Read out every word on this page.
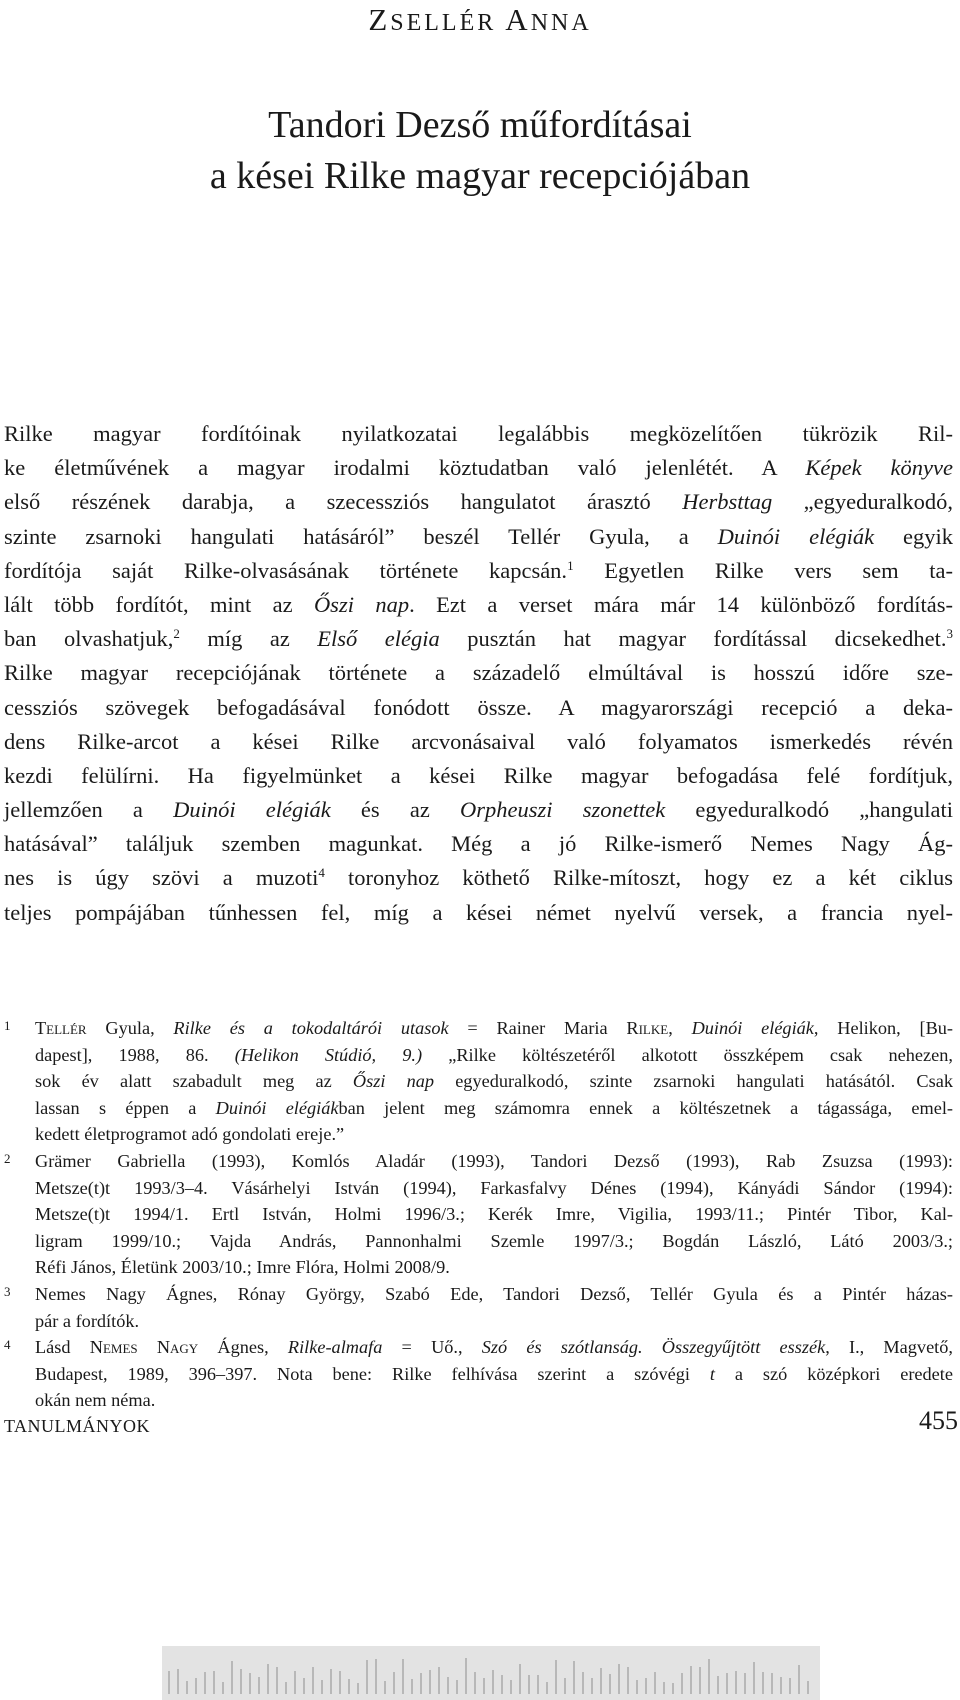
ZSELLÉR ANNA
Tandori Dezső műfordításai
a kései Rilke magyar recepciójában
Rilke magyar fordítóinak nyilatkozatai legalábbis megközelítően tükrözik Ril-
ke életművének a magyar irodalmi köztudatban való jelenlétét. A Képek könyve
első részének darabja, a szecessziós hangulatot árasztó Herbsttag „egyeduralkodó,
szinte zsarnoki hangulati hatásáról” beszél Tellér Gyula, a Duinói elégiák egyik
fordítója saját Rilke-olvasásának története kapcsán.$^1$ Egyetlen Rilke vers sem ta-
lált több fordítót, mint az Őszi nap. Ezt a verset mára már 14 különböző fordítás-
ban olvashatjuk,$^2$ míg az Első elégia pusztán hat magyar fordítással dicsekedhet.$^3$
Rilke magyar recepciójának története a századelő elmúltával is hosszú időre sze-
cessziós szövegek befogadásával fonódott össze. A magyarországi recepció a deka-
dens Rilke-arcot a kései Rilke arcvonásaival való folyamatos ismerkedés révén
kezdi felülírni. Ha figyelmünket a kései Rilke magyar befogadása felé fordítjuk,
jellemzően a Duinói elégiák és az Orpheuszi szonettek egyeduralkodó „hangulati
hatásával” találjuk szemben magunkat. Még a jó Rilke-ismerő Nemes Nagy Ág-
nes is úgy szövi a muzoti$^4$ toronyhoz köthető Rilke-mítoszt, hogy ez a két ciklus
teljes pompájában tűnhessen fel, míg a kései német nyelvű versek, a francia nyel-
1 Tellér Gyula, Rilke és a tokodaltárói utasok = Rainer Maria Rilke, Duinói elégiák, Helikon, [Bu-
dapest], 1988, 86. (Helikon Stúdió, 9.) „Rilke költészetéről alkotott összképem csak nehezen,
sok év alatt szabadult meg az Őszi nap egyeduralkodó, szinte zsarnoki hangulati hatásától. Csak
lassan s éppen a Duinói elégiákban jelent meg számomra ennek a költészetnek a tágassága, emel-
kedett életprogramot adó gondolati ereje.”
2 Grämer Gabriella (1993), Komlós Aladár (1993), Tandori Dezső (1993), Rab Zsuzsa (1993):
Metsze(t)t 1993/3–4. Vásárhelyi István (1994), Farkasfalvy Dénes (1994), Kányádi Sándor (1994):
Metsze(t)t 1994/1. Ertl István, Holmi 1996/3.; Kerék Imre, Vigilia, 1993/11.; Pintér Tibor, Kal-
ligram 1999/10.; Vajda András, Pannonhalmi Szemle 1997/3.; Bogdán László, Látó 2003/3.;
Réfi János, Életünk 2003/10.; Imre Flóra, Holmi 2008/9.
3 Nemes Nagy Ágnes, Rónay György, Szabó Ede, Tandori Dezső, Tellér Gyula és a Pintér házas-
pár a fordítók.
4 Lásd Nemes Nagy Ágnes, Rilke-almafa = Uő., Szó és szótlanság. Összegyűjtött esszék, I., Magvető,
Budapest, 1989, 396–397. Nota bene: Rilke felhívása szerint a szóvégi t a szó középkori eredete
okán nem néma.
TANULMÁNYOK	455
